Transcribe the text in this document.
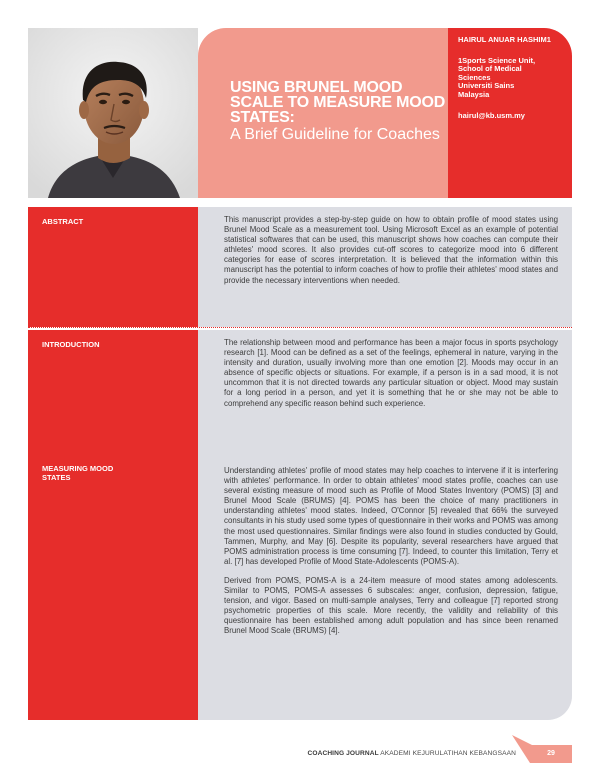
USING BRUNEL MOOD SCALE TO MEASURE MOOD STATES:
A Brief Guideline for Coaches
HAIRUL ANUAR HASHIM1
1Sports Science Unit,
School of Medical
Sciences
Universiti Sains
Malaysia
hairul@kb.usm.my
ABSTRACT	This manuscript provides a step-by-step guide on how to obtain profile of mood states using Brunel Mood Scale as a measurement tool. Using Microsoft Excel as an example of potential statistical softwares that can be used, this manuscript shows how coaches can compute their athletes' mood scores. It also provides cut-off scores to categorize mood into 6 different categories for ease of scores interpretation. It is believed that the information within this manuscript has the potential to inform coaches of how to profile their athletes' mood states and provide the necessary interventions when needed.

INTRODUCTION	The relationship between mood and performance has been a major focus in sports psychology research [1]. Mood can be defined as a set of the feelings, ephemeral in nature, varying in the intensity and duration, usually involving more than one emotion [2]. Moods may occur in an absence of specific objects or situations. For example, if a person is in a sad mood, it is not uncommon that it is not directed towards any particular situation or object. Mood may sustain for a long period in a person, and yet it is something that he or she may not be able to comprehend any specific reason behind such experience.

MEASURING MOOD STATES

Understanding athletes' profile of mood states may help coaches to intervene if it is interfering with athletes' performance. In order to obtain athletes' mood states profile, coaches can use several existing measure of mood such as Profile of Mood States Inventory (POMS) [3] and Brunel Mood Scale (BRUMS) [4]. POMS has been the choice of many practitioners in understanding athletes' mood states. Indeed, O'Connor [5] revealed that 66% the surveyed consultants in his study used some types of questionnaire in their works and POMS was among the most used questionnaires. Similar findings were also found in studies conducted by Gould, Tammen, Murphy, and May [6]. Despite its popularity, several researchers have argued that POMS administration process is time consuming [7]. Indeed, to counter this limitation, Terry et al. [7] has developed Profile of Mood State-Adolescents (POMS-A).

Derived from POMS, POMS-A is a 24-item measure of mood states among adolescents. Similar to POMS, POMS-A assesses 6 subscales: anger, confusion, depression, fatigue, tension, and vigor. Based on multi-sample analyses, Terry and colleague [7] reported strong psychometric properties of this scale. More recently, the validity and reliability of this questionnaire has been established among adult population and has since been renamed Brunel Mood Scale (BRUMS) [4].

COACHING JOURNAL AKADEMI KEJURULATIHAN KEBANGSAAN	29
